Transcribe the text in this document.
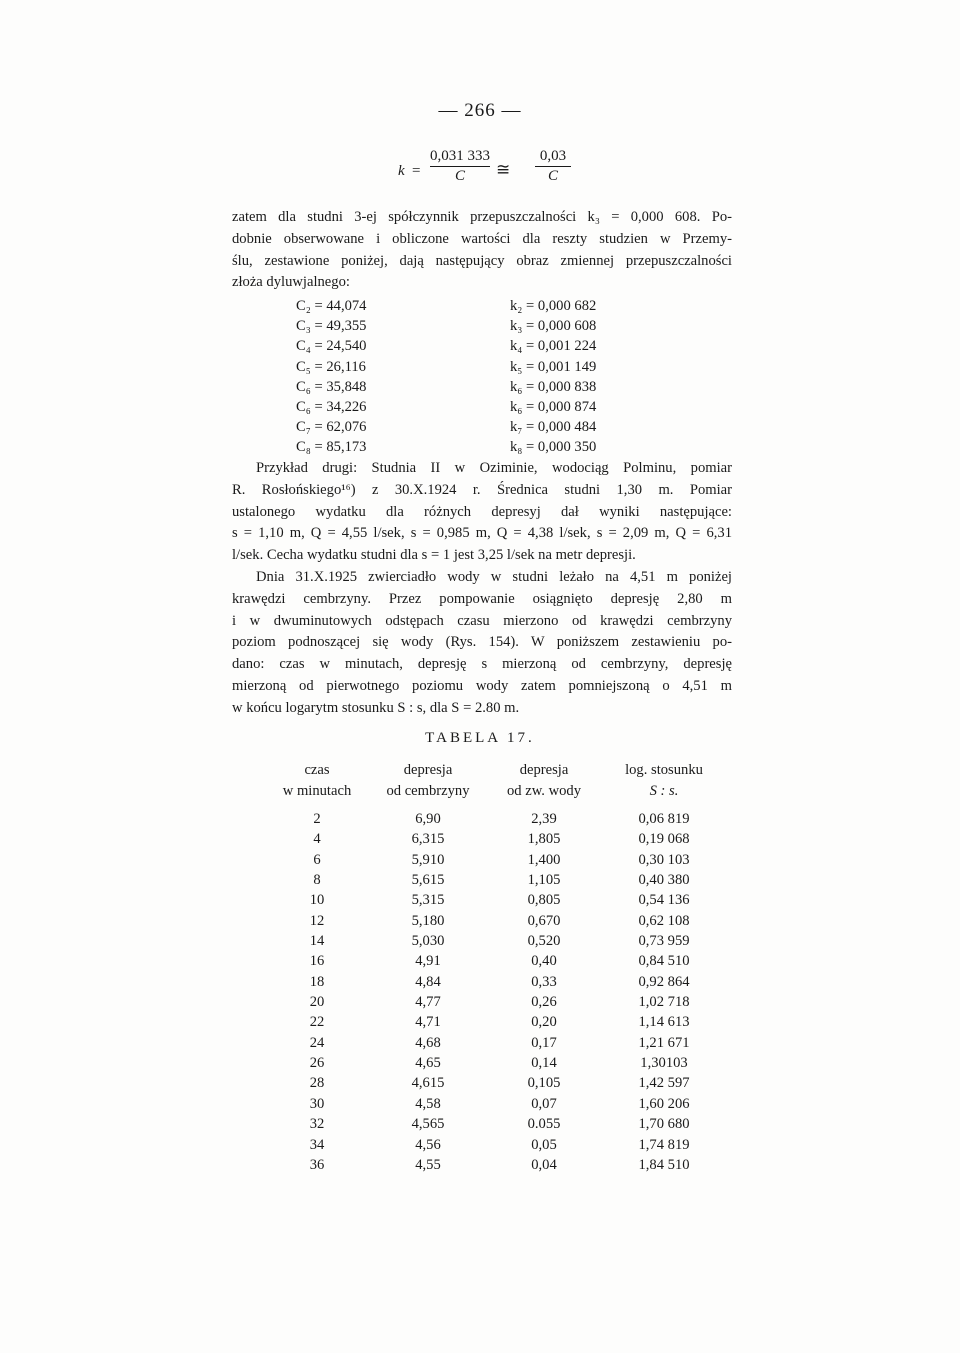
— 266 —
$k = \frac{0,031 333}{C}$ ≅ $\frac{0,03}{C}$
zatem dla studni 3-ej spółczynnik przepuszczalności k₃ = 0,000 608. Po-
dobnie obserwowane i obliczone wartości dla reszty studzien w Przemy-
ślu, zestawione poniżej, dają następujący obraz zmiennej przepuszczalności
złoża dyluwjalnego:
C₂ = 44,074	k₂ = 0,000 682
C₃ = 49,355	k₃ = 0,000 608
C₄ = 24,540	k₄ = 0,001 224
C₅ = 26,116	k₅ = 0,001 149
C₆ = 35,848	k₆ = 0,000 838
C₆ = 34,226	k₆ = 0,000 874
C₇ = 62,076	k₇ = 0,000 484
C₈ = 85,173	k₈ = 0,000 350
Przykład drugi: Studnia II w Oziminie, wodociąg Polminu, pomiar
R. Rosłońskiego¹⁶) z 30.X.1924 r. Średnica studni 1,30 m. Pomiar
ustalonego wydatku dla różnych depresyj dał wyniki następujące:
s = 1,10 m, Q = 4,55 l/sek, s = 0,985 m, Q = 4,38 l/sek, s = 2,09 m, Q = 6,31
l/sek. Cecha wydatku studni dla s = 1 jest 3,25 l/sek na metr depresji.
Dnia 31.X.1925 zwierciadło wody w studni leżało na 4,51 m poniżej
krawędzi cembrzyny. Przez pompowanie osiągnięto depresję 2,80 m
i w dwuminutowych odstępach czasu mierzono od krawędzi cembrzyny
poziom podnoszącej się wody (Rys. 154). W poniższem zestawieniu po-
dano: czas w minutach, depresję s mierzoną od cembrzyny, depresję
mierzoną od pierwotnego poziomu wody zatem pomniejszoną o 4,51 m
w końcu logarytm stosunku S : s, dla S = 2.80 m.
TABELA 17.
czas	depresja	depresja	log. stosunku
w minutach	od cembrzyny	od zw. wody	S : s.
2	6,90	2,39	0,06 819
4	6,315	1,805	0,19 068
6	5,910	1,400	0,30 103
8	5,615	1,105	0,40 380
10	5,315	0,805	0,54 136
12	5,180	0,670	0,62 108
14	5,030	0,520	0,73 959
16	4,91	0,40	0,84 510
18	4,84	0,33	0,92 864
20	4,77	0,26	1,02 718
22	4,71	0,20	1,14 613
24	4,68	0,17	1,21 671
26	4,65	0,14	1,30103
28	4,615	0,105	1,42 597
30	4,58	0,07	1,60 206
32	4,565	0.055	1,70 680
34	4,56	0,05	1,74 819
36	4,55	0,04	1,84 510
